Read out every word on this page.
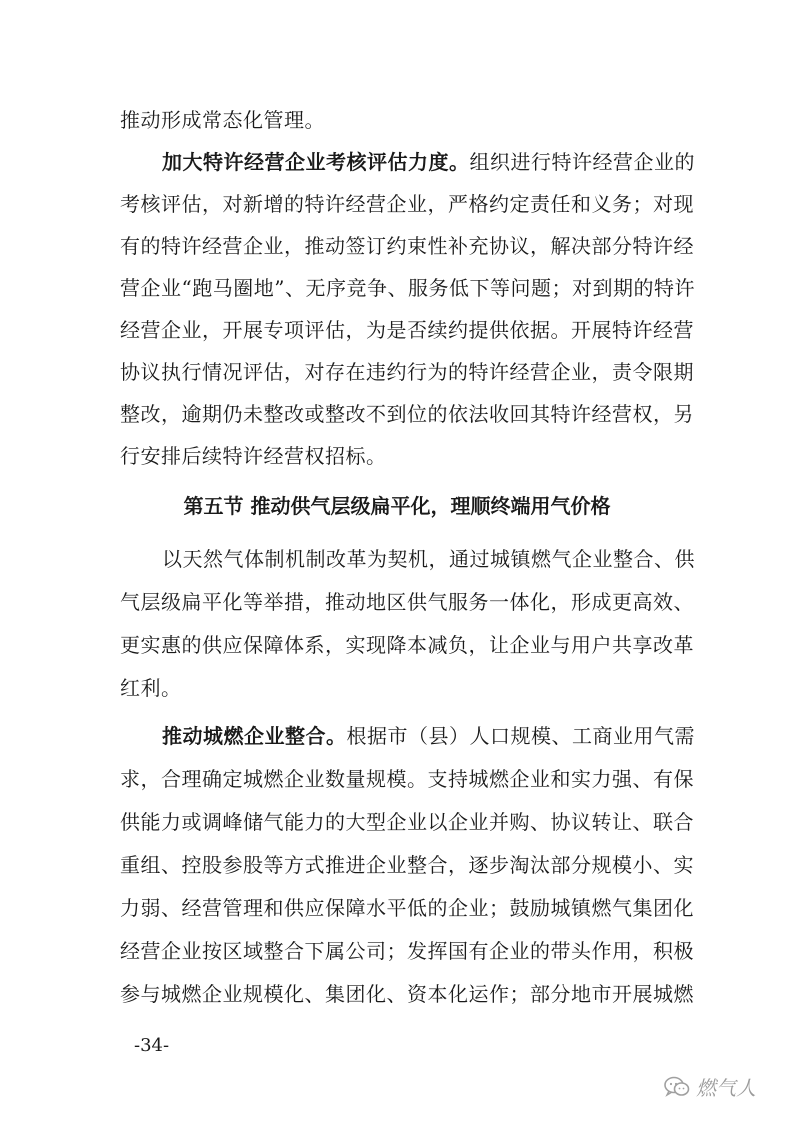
推动形成常态化管理。
加大特许经营企业考核评估力度。组织进行特许经营企业的
考核评估，对新增的特许经营企业，严格约定责任和义务；对现
有的特许经营企业，推动签订约束性补充协议，解决部分特许经
营企业“跑马圈地”、无序竞争、服务低下等问题；对到期的特许
经营企业，开展专项评估，为是否续约提供依据。开展特许经营
协议执行情况评估，对存在违约行为的特许经营企业，责令限期
整改，逾期仍未整改或整改不到位的依法收回其特许经营权，另
行安排后续特许经营权招标。
第五节 推动供气层级扁平化，理顺终端用气价格
以天然气体制机制改革为契机，通过城镇燃气企业整合、供
气层级扁平化等举措，推动地区供气服务一体化，形成更高效、
更实惠的供应保障体系，实现降本减负，让企业与用户共享改革
红利。
推动城燃企业整合。根据市（县）人口规模、工商业用气需
求，合理确定城燃企业数量规模。支持城燃企业和实力强、有保
供能力或调峰储气能力的大型企业以企业并购、协议转让、联合
重组、控股参股等方式推进企业整合，逐步淘汰部分规模小、实
力弱、经营管理和供应保障水平低的企业；鼓励城镇燃气集团化
经营企业按区域整合下属公司；发挥国有企业的带头作用，积极
参与城燃企业规模化、集团化、资本化运作；部分地市开展城燃
-34-
燃气人
